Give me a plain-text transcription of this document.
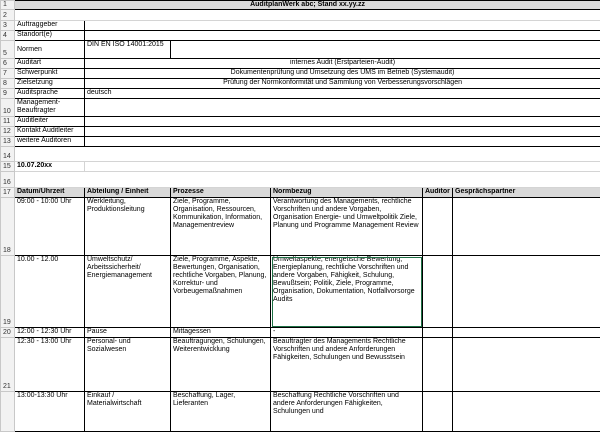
1	AuditplanWerk abc; Stand xx.yy.zz					
2						
3	Auftraggeber					
4	Standort(e)					
5	Normen	DIN EN ISO 14001:2015				
6	Auditart	internes Audit (Erstparteien-Audit)				
7	Schwerpunkt	Dokumentenprüfung und Umsetzung des UMS im Betrieb (Systemaudit)				
8	Zielsetzung	Prüfung der Normkonformität und Sammlung von Verbesserungsvorschlägen				
9	Auditsprache	deutsch				
10	Management-Beauftragter					
11	Auditleiter					
12	Kontakt Auditleiter					
13	weitere Auditoren					
14						
15	10.07.20xx					
16						
17	Datum/Uhrzeit	Abteilung / Einheit	Prozesse	Normbezug	Auditor	Gesprächspartner
18	09:00 - 10:00 Uhr	Werkleitung, Produktionsleitung	Ziele, Programme, Organisation, Ressourcen, Kommunikation, Information, Managementreview	Verantwortung des Managements, rechtliche Vorschriften und andere Vorgaben, Organisation Energie- und Umweltpolitik Ziele, Planung und Programme Management Review		
19	10.00 - 12.00	Umweltschutz/ Arbeitssicherheit/ Energiemanagement	Ziele, Programme, Aspekte, Bewertungen, Organisation, rechtliche Vorgaben, Planung, Korrektur- und Vorbeugemaßnahmen	Umweltaspekte, energetische Bewertung, Energieplanung, rechtliche Vorschriften und andere Vorgaben, Fähigkeit, Schulung, Bewußtsein; Politik, Ziele, Programme, Organisation, Dokumentation, Notfallvorsorge Audits		
20	12:00 - 12:30 Uhr	Pause	Mittagessen	-		
21	12:30 - 13:00 Uhr	Personal- und Sozialwesen	Beauftragungen, Schulungen, Weiterentwicklung	Beauftragter des Managements Rechtliche Vorschriften und andere Anforderungen Fähigkeiten, Schulungen und Bewusstsein		
	13:00-13:30 Uhr	Einkauf / Materialwirtschaft	Beschaffung, Lager, Lieferanten	Beschaffung Rechtliche Vorschriften und andere Anforderungen Fähigkeiten, Schulungen und		
